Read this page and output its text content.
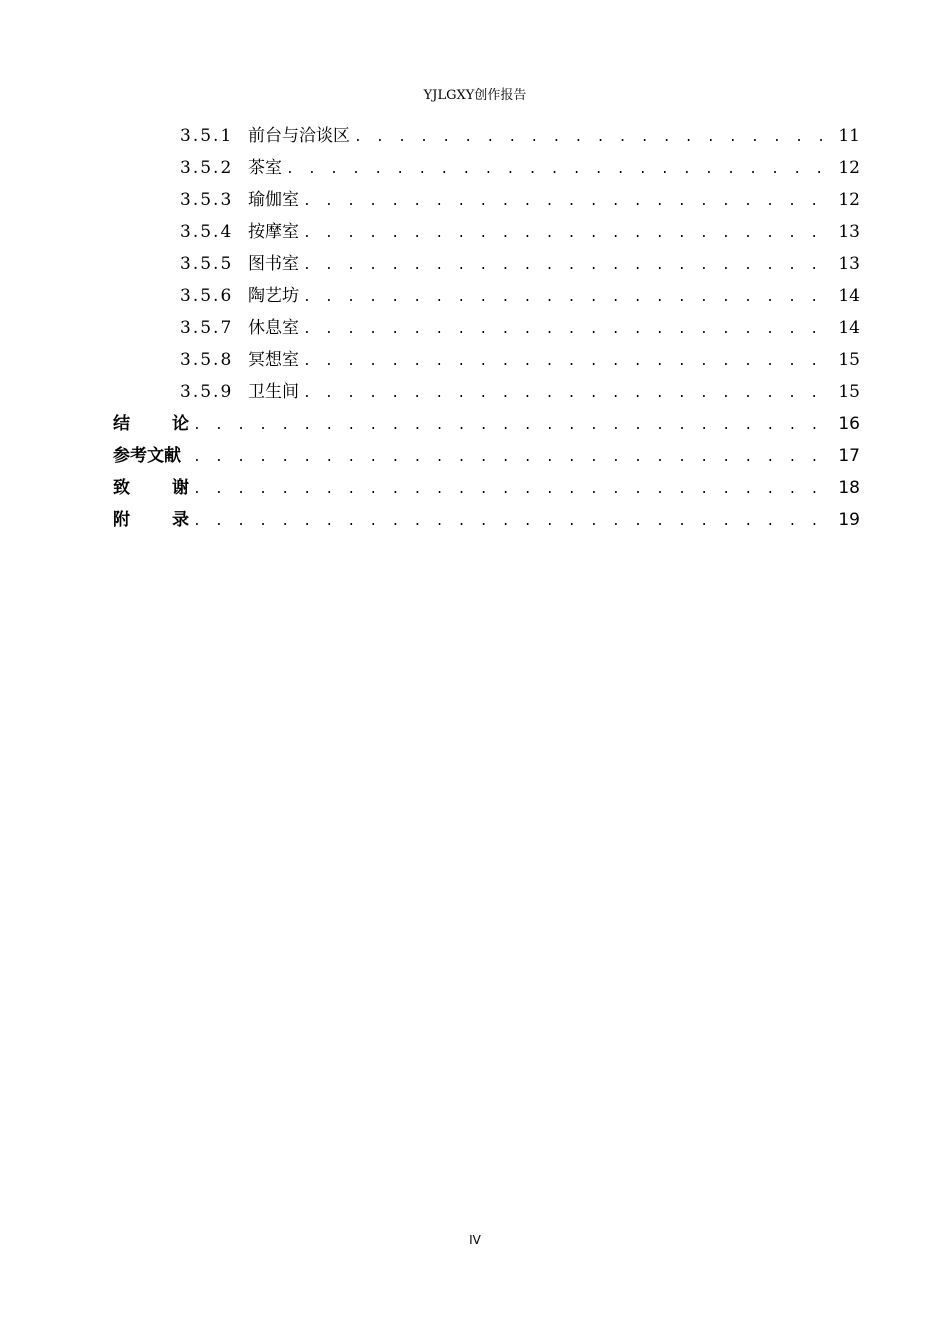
YJLGXY创作报告
3.5.1 前台与洽谈区 . . .	11
3.5.2 茶室 . . .	12
3.5.3 瑜伽室 . . .	12
3.5.4 按摩室 . . .	13
3.5.5 图书室 . . .	13
3.5.6 陶艺坊 . . .	14
3.5.7 休息室 . . .	14
3.5.8 冥想室 . . .	15
3.5.9 卫生间 . . .	15
结 论 . . .	16
参考文献 . . .	17
致 谢 . . .	18
附 录 . . .	19
IV
